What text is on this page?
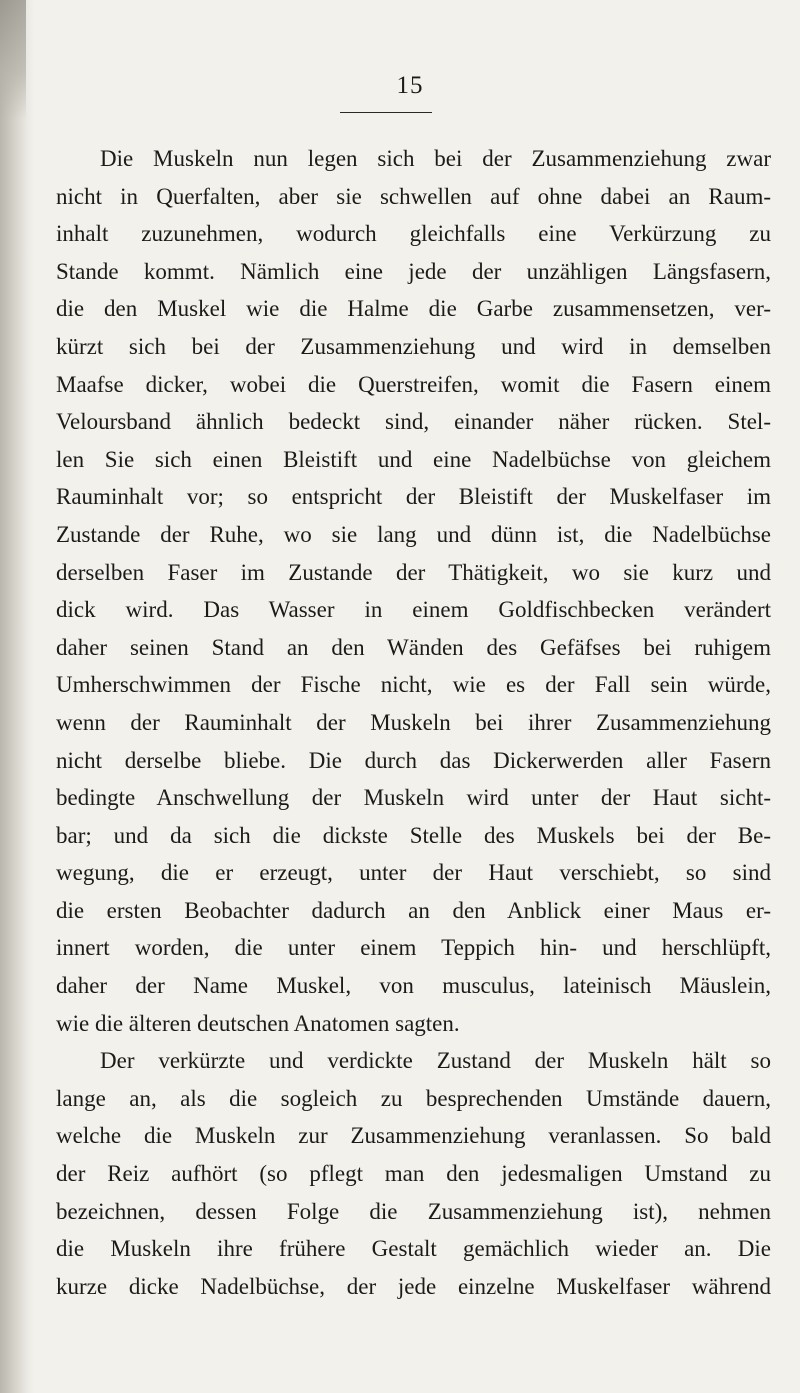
15
Die Muskeln nun legen sich bei der Zusammenziehung zwar
nicht in Querfalten, aber sie schwellen auf ohne dabei an Raum-
inhalt zuzunehmen, wodurch gleichfalls eine Verkürzung zu
Stande kommt. Nämlich eine jede der unzähligen Längsfasern,
die den Muskel wie die Halme die Garbe zusammensetzen, ver-
kürzt sich bei der Zusammenziehung und wird in demselben
Maafse dicker, wobei die Querstreifen, womit die Fasern einem
Veloursband ähnlich bedeckt sind, einander näher rücken. Stel-
len Sie sich einen Bleistift und eine Nadelbüchse von gleichem
Rauminhalt vor; so entspricht der Bleistift der Muskelfaser im
Zustande der Ruhe, wo sie lang und dünn ist, die Nadelbüchse
derselben Faser im Zustande der Thätigkeit, wo sie kurz und
dick wird. Das Wasser in einem Goldfischbecken verändert
daher seinen Stand an den Wänden des Gefäfses bei ruhigem
Umherschwimmen der Fische nicht, wie es der Fall sein würde,
wenn der Rauminhalt der Muskeln bei ihrer Zusammenziehung
nicht derselbe bliebe. Die durch das Dickerwerden aller Fasern
bedingte Anschwellung der Muskeln wird unter der Haut sicht-
bar; und da sich die dickste Stelle des Muskels bei der Be-
wegung, die er erzeugt, unter der Haut verschiebt, so sind
die ersten Beobachter dadurch an den Anblick einer Maus er-
innert worden, die unter einem Teppich hin- und herschlüpft,
daher der Name Muskel, von musculus, lateinisch Mäuslein,
wie die älteren deutschen Anatomen sagten.
Der verkürzte und verdickte Zustand der Muskeln hält so
lange an, als die sogleich zu besprechenden Umstände dauern,
welche die Muskeln zur Zusammenziehung veranlassen. So bald
der Reiz aufhört (so pflegt man den jedesmaligen Umstand zu
bezeichnen, dessen Folge die Zusammenziehung ist), nehmen
die Muskeln ihre frühere Gestalt gemächlich wieder an. Die
kurze dicke Nadelbüchse, der jede einzelne Muskelfaser während
